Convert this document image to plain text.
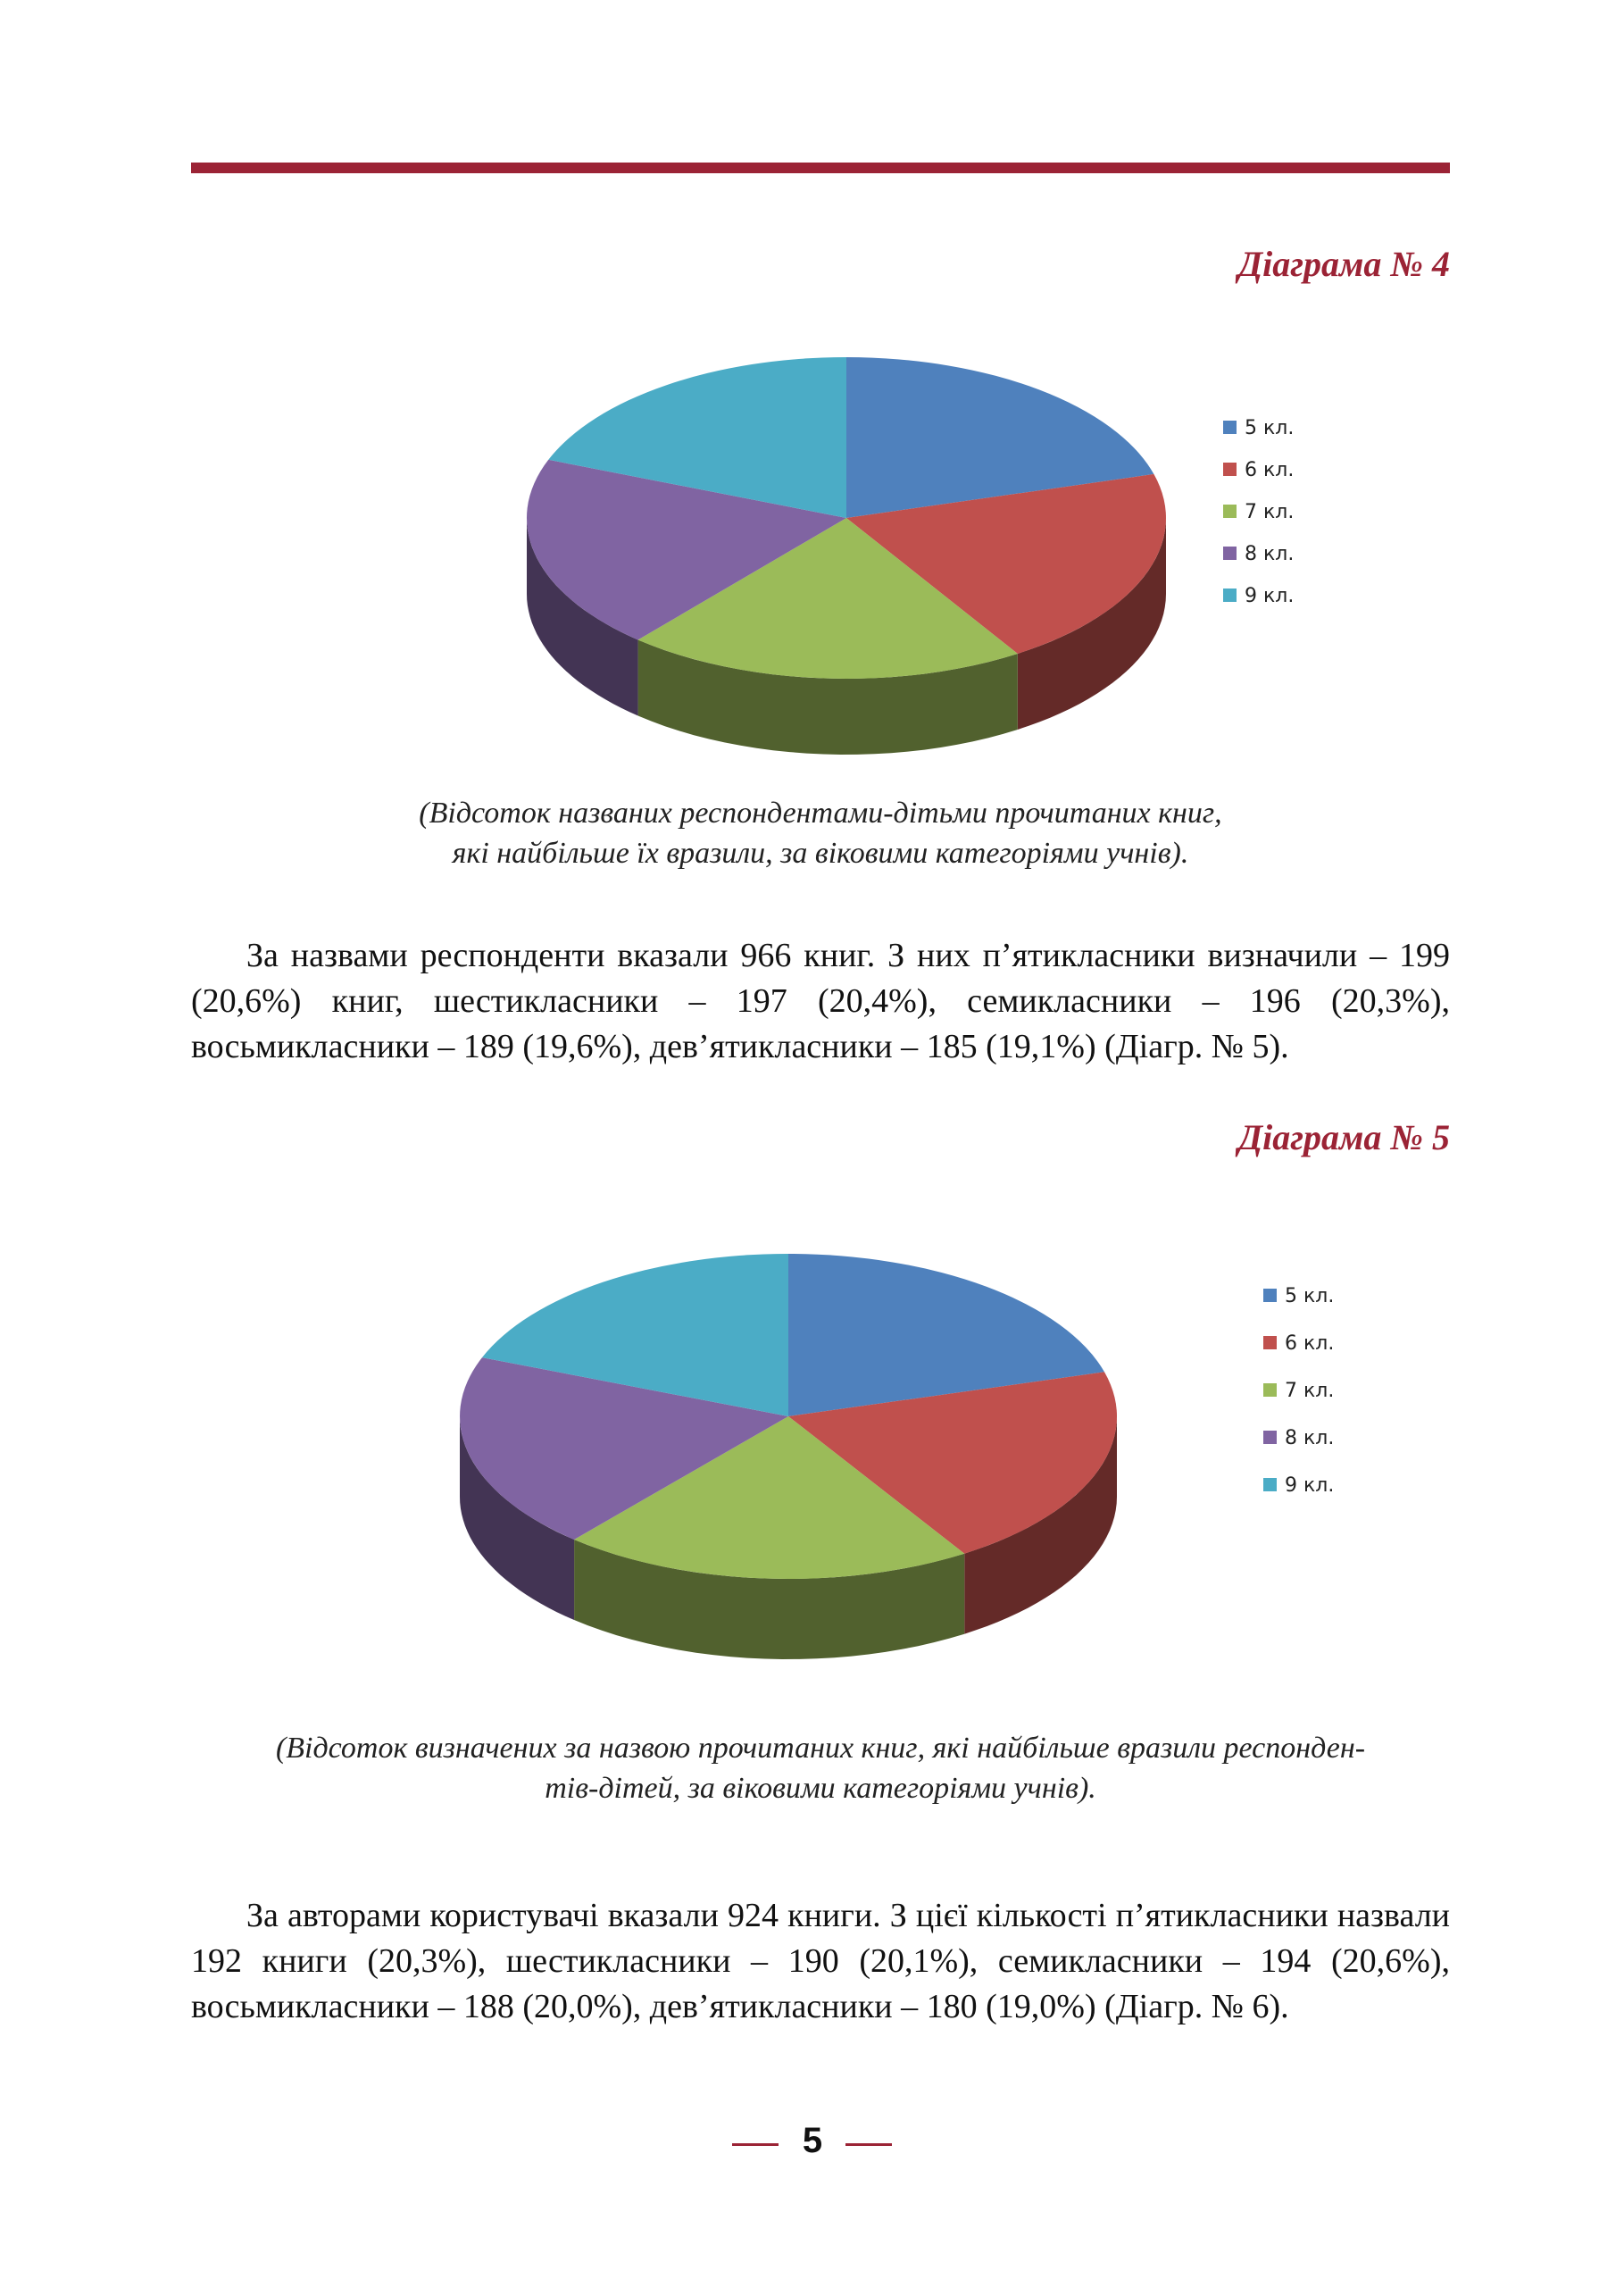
Діаграма № 4
5 кл.
6 кл.
7 кл.
8 кл.
9 кл.
(Відсоток названих респондентами-дітьми прочитаних книг,
які найбільше їх вразили, за віковими категоріями учнів).
За назвами респонденти вказали 966 книг. З них п’ятикласники визначили – 199 (20,6%) книг, шестикласники – 197 (20,4%), семикласники – 196 (20,3%), восьмикласники – 189 (19,6%), дев’ятикласники – 185 (19,1%) (Діагр. № 5).
Діаграма № 5
5 кл.
6 кл.
7 кл.
8 кл.
9 кл.
(Відсоток визначених за назвою прочитаних книг, які найбільше вразили респонден-
тів-дітей, за віковими категоріями учнів).
За авторами користувачі вказали 924 книги. З цієї кількості п’ятикласники назвали 192 книги (20,3%), шестикласники – 190 (20,1%), семикласники – 194 (20,6%), восьмикласники – 188 (20,0%), дев’ятикласники – 180 (19,0%) (Діагр. № 6).
5
